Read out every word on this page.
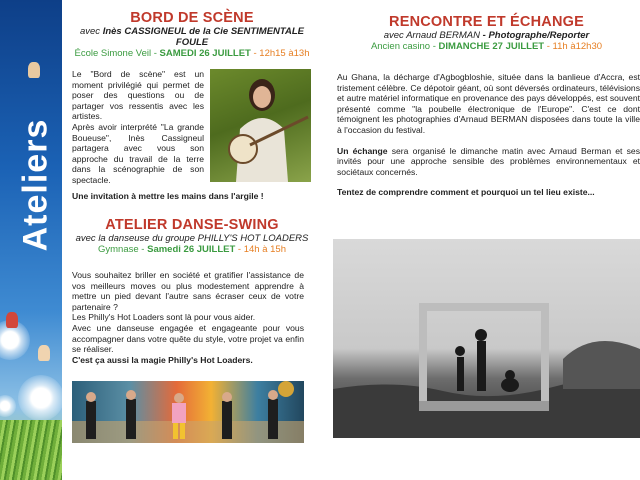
Ateliers
BORD DE SCÈNE
avec Inès CASSIGNEUL de la Cie SENTIMENTALE FOULE
École Simone Veil - SAMEDI 26 JUILLET - 12h15 à13h
Le "Bord de scène" est un moment privilégié qui permet de poser des questions ou de partager vos ressentis avec les artistes.
Après avoir interprété "La grande Boueuse", Inès Cassigneul partagera avec vous son approche du travail de la terre dans la scénographie de son spectacle.
Une invitation à mettre les mains dans l'argile !
ATELIER DANSE-SWING
avec la danseuse du groupe PHILLY'S HOT LOADERS
Gymnase - Samedi 26 JUILLET - 14h à 15h
Vous souhaitez briller en société et gratifier l'assistance de vos meilleurs moves ou plus modestement apprendre à mettre un pied devant l'autre sans écraser ceux de votre partenaire ?
Les Philly's Hot Loaders sont là pour vous aider.
Avec une danseuse engagée et engageante pour vous accompagner dans votre quête du style, votre projet va enfin se réaliser.
C'est ça aussi la magie Philly's Hot Loaders.
RENCONTRE ET ÉCHANGE
avec Arnaud BERMAN - Photographe/Reporter
Ancien casino - DIMANCHE 27 JUILLET - 11h à12h30
Au Ghana, la décharge d'Agbogbloshie, située dans la banlieue d'Accra, est tristement célèbre. Ce dépotoir géant, où sont déversés ordinateurs, télévisions et autre matériel informatique en provenance des pays développés, est souvent présenté comme "la poubelle électronique de l'Europe". C'est ce dont témoignent les photographies d'Arnaud BERMAN disposées dans toute la ville à l'occasion du festival.
Un échange sera organisé le dimanche matin avec Arnaud Berman et ses invités pour une approche sensible des problèmes environnementaux et sociétaux concernés.
Tentez de comprendre comment et pourquoi un tel lieu existe...
